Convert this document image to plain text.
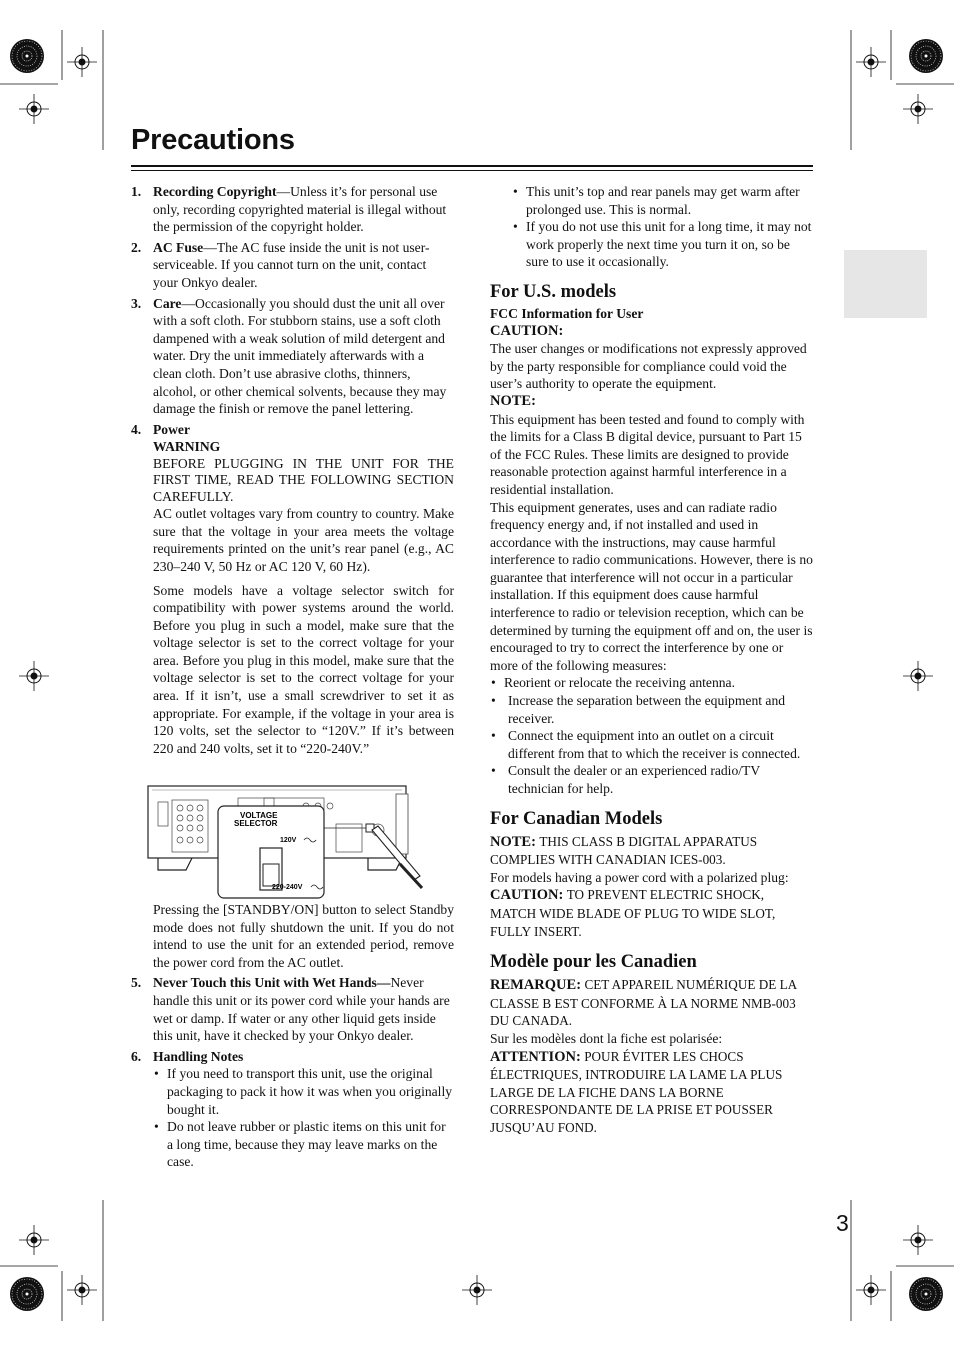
Precautions
3
1. Recording Copyright—Unless it’s for personal use only, recording copyrighted material is illegal without the permission of the copyright holder.
2. AC Fuse—The AC fuse inside the unit is not user-serviceable. If you cannot turn on the unit, contact your Onkyo dealer.
3. Care—Occasionally you should dust the unit all over with a soft cloth. For stubborn stains, use a soft cloth dampened with a weak solution of mild detergent and water. Dry the unit immediately afterwards with a clean cloth. Don’t use abrasive cloths, thinners, alcohol, or other chemical solvents, because they may damage the finish or remove the panel lettering.
4. Power

WARNING

BEFORE PLUGGING IN THE UNIT FOR THE FIRST TIME, READ THE FOLLOWING SECTION CAREFULLY.

AC outlet voltages vary from country to country. Make sure that the voltage in your area meets the voltage requirements printed on the unit’s rear panel (e.g., AC 230–240 V, 50 Hz or AC 120 V, 60 Hz).

Some models have a voltage selector switch for compatibility with power systems around the world. Before you plug in such a model, make sure that the voltage selector is set to the correct voltage for your area. Before you plug in this model, make sure that the voltage selector is set to the correct voltage for your area. If it isn’t, use a small screwdriver to set it as appropriate. For example, if the voltage in your area is 120 volts, set the selector to “120V.” If it’s between 220 and 240 volts, set it to “220-240V.”

VOLTAGE
SELECTOR
120V
220-240V

Pressing the [STANDBY/ON] button to select Standby mode does not fully shutdown the unit. If you do not intend to use the unit for an extended period, remove the power cord from the AC outlet.

5. Never Touch this Unit with Wet Hands—Never handle this unit or its power cord while your hands are wet or damp. If water or any other liquid gets inside this unit, have it checked by your Onkyo dealer.
6. Handling Notes

• If you need to transport this unit, use the original packaging to pack it how it was when you originally bought it.

• Do not leave rubber or plastic items on this unit for a long time, because they may leave marks on the case.

• This unit’s top and rear panels may get warm after prolonged use. This is normal.

• If you do not use this unit for a long time, it may not work properly the next time you turn it on, so be sure to use it occasionally.

For U.S. models

FCC Information for User

CAUTION:

The user changes or modifications not expressly approved by the party responsible for compliance could void the user’s authority to operate the equipment.

NOTE:

This equipment has been tested and found to comply with the limits for a Class B digital device, pursuant to Part 15 of the FCC Rules. These limits are designed to provide reasonable protection against harmful interference in a residential installation.

This equipment generates, uses and can radiate radio frequency energy and, if not installed and used in accordance with the instructions, may cause harmful interference to radio communications. However, there is no guarantee that interference will not occur in a particular installation. If this equipment does cause harmful interference to radio or television reception, which can be determined by turning the equipment off and on, the user is encouraged to try to correct the interference by one or more of the following measures:

• Reorient or relocate the receiving antenna.

• Increase the separation between the equipment and receiver.

• Connect the equipment into an outlet on a circuit different from that to which the receiver is connected.

• Consult the dealer or an experienced radio/TV technician for help.

For Canadian Models

NOTE: THIS CLASS B DIGITAL APPARATUS COMPLIES WITH CANADIAN ICES-003.

For models having a power cord with a polarized plug:

CAUTION: TO PREVENT ELECTRIC SHOCK, MATCH WIDE BLADE OF PLUG TO WIDE SLOT, FULLY INSERT.

Modèle pour les Canadien

REMARQUE: CET APPAREIL NUMÉRIQUE DE LA CLASSE B EST CONFORME À LA NORME NMB-003 DU CANADA.

Sur les modèles dont la fiche est polarisée:

ATTENTION: POUR ÉVITER LES CHOCS ÉLECTRIQUES, INTRODUIRE LA LAME LA PLUS LARGE DE LA FICHE DANS LA BORNE CORRESPONDANTE DE LA PRISE ET POUSSER JUSQU’AU FOND.
